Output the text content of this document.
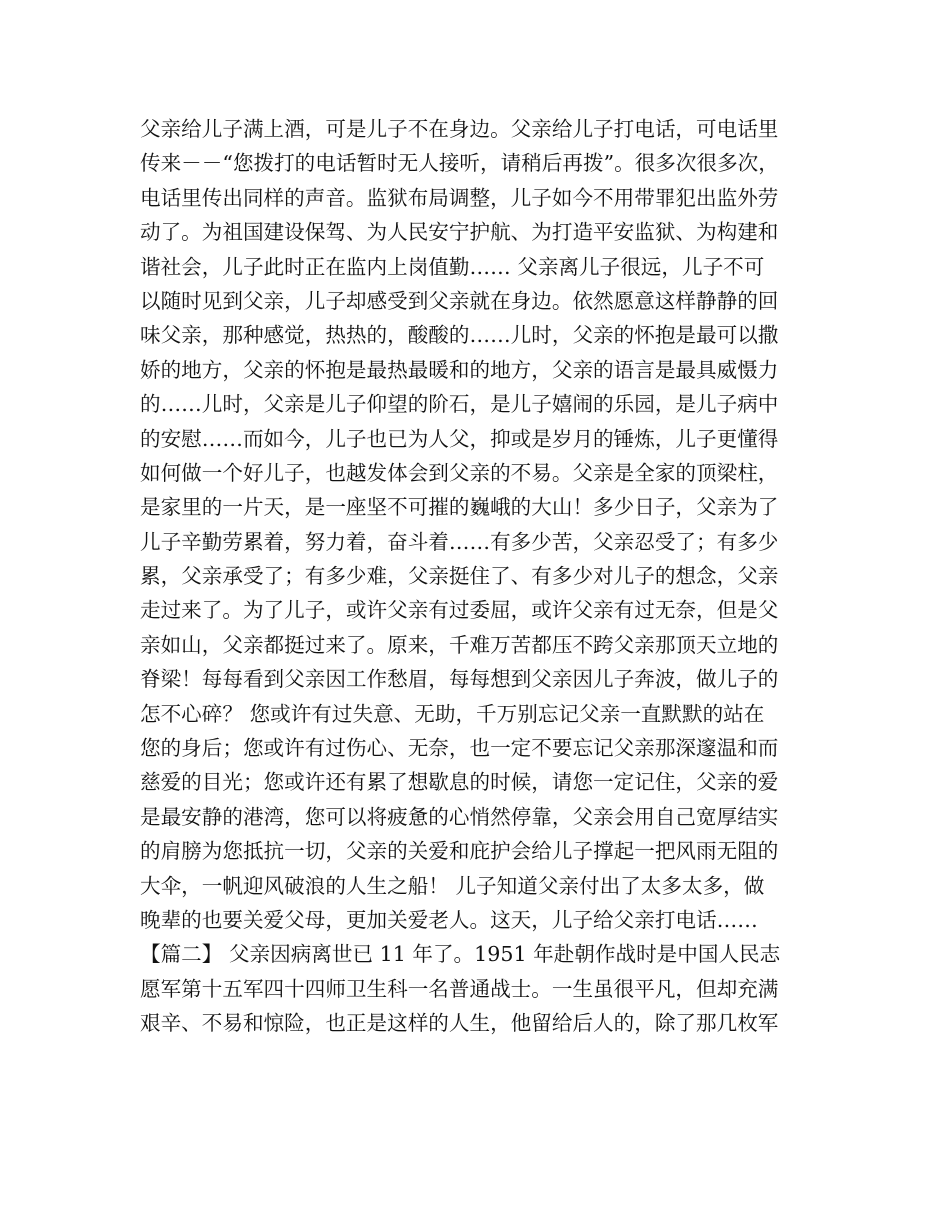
父亲给儿子满上酒，可是儿子不在身边。父亲给儿子打电话，可电话里
传来－－“您拨打的电话暂时无人接听，请稍后再拨”。很多次很多次，
电话里传出同样的声音。监狱布局调整，儿子如今不用带罪犯出监外劳
动了。为祖国建设保驾、为人民安宁护航、为打造平安监狱、为构建和
谐社会，儿子此时正在监内上岗值勤…… 父亲离儿子很远，儿子不可
以随时见到父亲，儿子却感受到父亲就在身边。依然愿意这样静静的回
味父亲，那种感觉，热热的，酸酸的……儿时，父亲的怀抱是最可以撒
娇的地方，父亲的怀抱是最热最暖和的地方，父亲的语言是最具威慑力
的……儿时，父亲是儿子仰望的阶石，是儿子嬉闹的乐园，是儿子病中
的安慰……而如今，儿子也已为人父，抑或是岁月的锤炼，儿子更懂得
如何做一个好儿子，也越发体会到父亲的不易。父亲是全家的顶梁柱，
是家里的一片天，是一座坚不可摧的巍峨的大山！多少日子，父亲为了
儿子辛勤劳累着，努力着，奋斗着……有多少苦，父亲忍受了；有多少
累，父亲承受了；有多少难，父亲挺住了、有多少对儿子的想念，父亲
走过来了。为了儿子，或许父亲有过委屈，或许父亲有过无奈，但是父
亲如山，父亲都挺过来了。原来，千难万苦都压不跨父亲那顶天立地的
脊梁！每每看到父亲因工作愁眉，每每想到父亲因儿子奔波，做儿子的
怎不心碎？ 您或许有过失意、无助，千万别忘记父亲一直默默的站在
您的身后；您或许有过伤心、无奈，也一定不要忘记父亲那深邃温和而
慈爱的目光；您或许还有累了想歇息的时候，请您一定记住，父亲的爱
是最安静的港湾，您可以将疲惫的心悄然停靠，父亲会用自己宽厚结实
的肩膀为您抵抗一切，父亲的关爱和庇护会给儿子撑起一把风雨无阻的
大伞，一帆迎风破浪的人生之船！ 儿子知道父亲付出了太多太多，做
晚辈的也要关爱父母，更加关爱老人。这天，儿子给父亲打电话……
【篇二】 父亲因病离世已 11 年了。1951 年赴朝作战时是中国人民志
愿军第十五军四十四师卫生科一名普通战士。一生虽很平凡，但却充满
艰辛、不易和惊险，也正是这样的人生，他留给后人的，除了那几枚军
